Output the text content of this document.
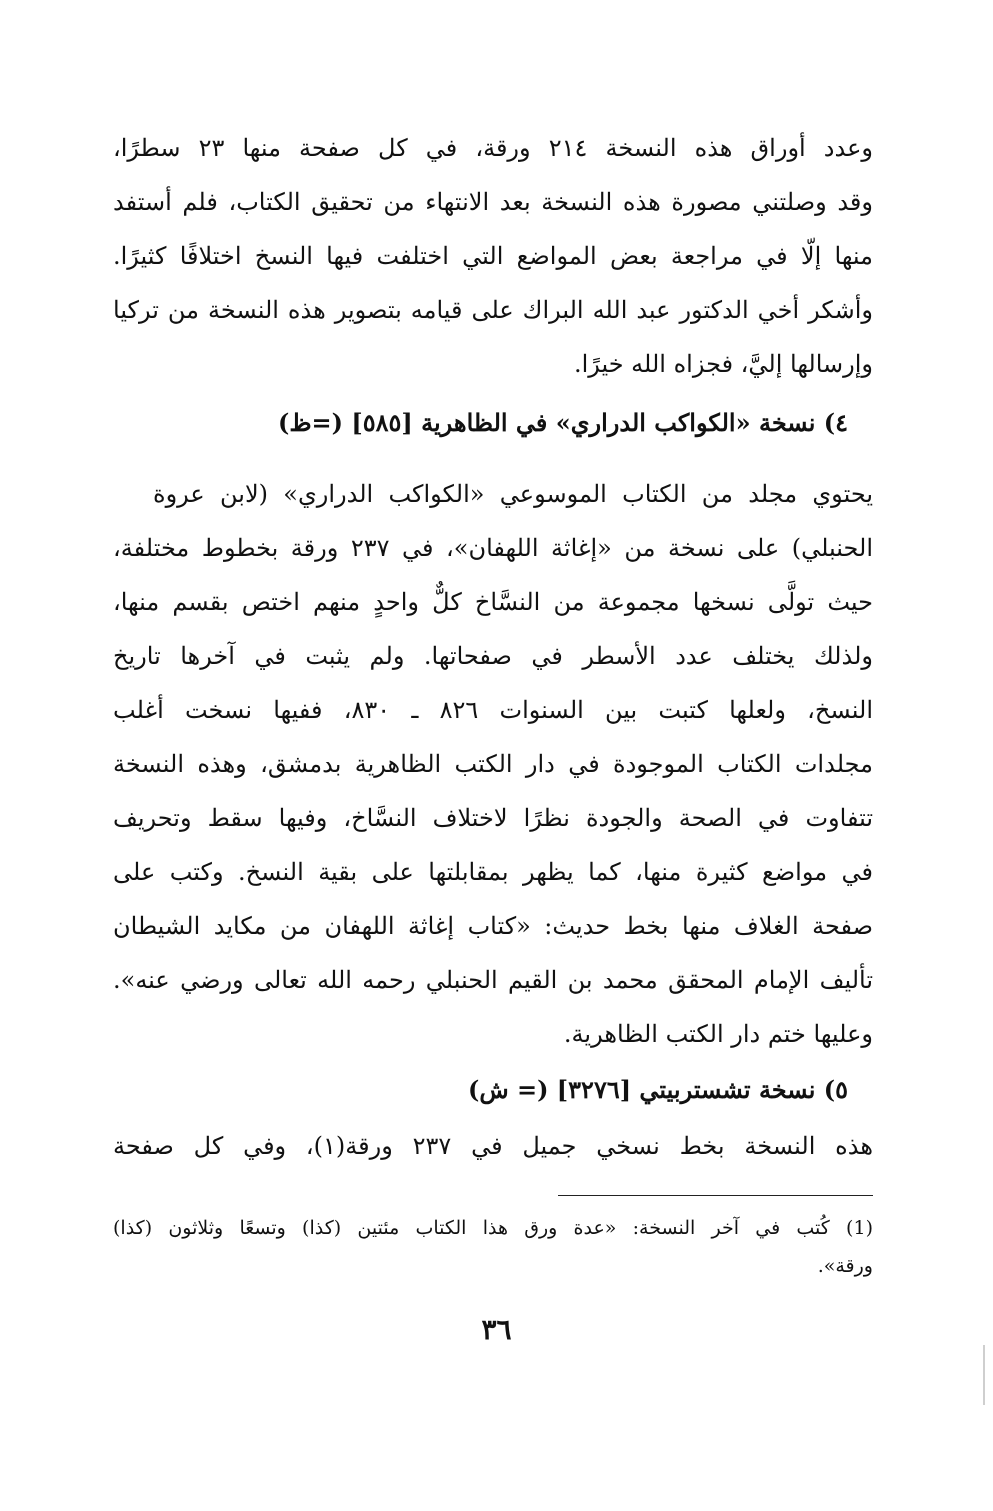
وعدد أوراق هذه النسخة ٢١٤ ورقة، في كل صفحة منها ٢٣ سطرًا،
وقد وصلتني مصورة هذه النسخة بعد الانتهاء من تحقيق الكتاب، فلم أستفد
منها إلّا في مراجعة بعض المواضع التي اختلفت فيها النسخ اختلافًا كثيرًا.
وأشكر أخي الدكتور عبد الله البراك على قيامه بتصوير هذه النسخة من تركيا
وإرسالها إليَّ، فجزاه الله خيرًا.
٤) نسخة «الكواكب الدراري» في الظاهرية [٥٨٥] (=ظ)
يحتوي مجلد من الكتاب الموسوعي «الكواكب الدراري» (لابن عروة
الحنبلي) على نسخة من «إغاثة اللهفان»، في ٢٣٧ ورقة بخطوط مختلفة،
حيث تولَّى نسخها مجموعة من النسَّاخ كلٌّ واحدٍ منهم اختص بقسم منها،
ولذلك يختلف عدد الأسطر في صفحاتها. ولم يثبت في آخرها تاريخ
النسخ، ولعلها كتبت بين السنوات ٨٢٦ ـ ٨٣٠، ففيها نسخت أغلب
مجلدات الكتاب الموجودة في دار الكتب الظاهرية بدمشق، وهذه النسخة
تتفاوت في الصحة والجودة نظرًا لاختلاف النسَّاخ، وفيها سقط وتحريف
في مواضع كثيرة منها، كما يظهر بمقابلتها على بقية النسخ. وكتب على
صفحة الغلاف منها بخط حديث: «كتاب إغاثة اللهفان من مكايد الشيطان
تأليف الإمام المحقق محمد بن القيم الحنبلي رحمه الله تعالى ورضي عنه».
وعليها ختم دار الكتب الظاهرية.
٥) نسخة تشستربيتي [٣٢٧٦] (= ش)
هذه النسخة بخط نسخي جميل في ٢٣٧ ورقة(١)، وفي كل صفحة
(1) كُتب في آخر النسخة: «عدة ورق هذا الكتاب مئتين (كذا) وتسعًا وثلاثون (كذا)
ورقة».
٣٦
